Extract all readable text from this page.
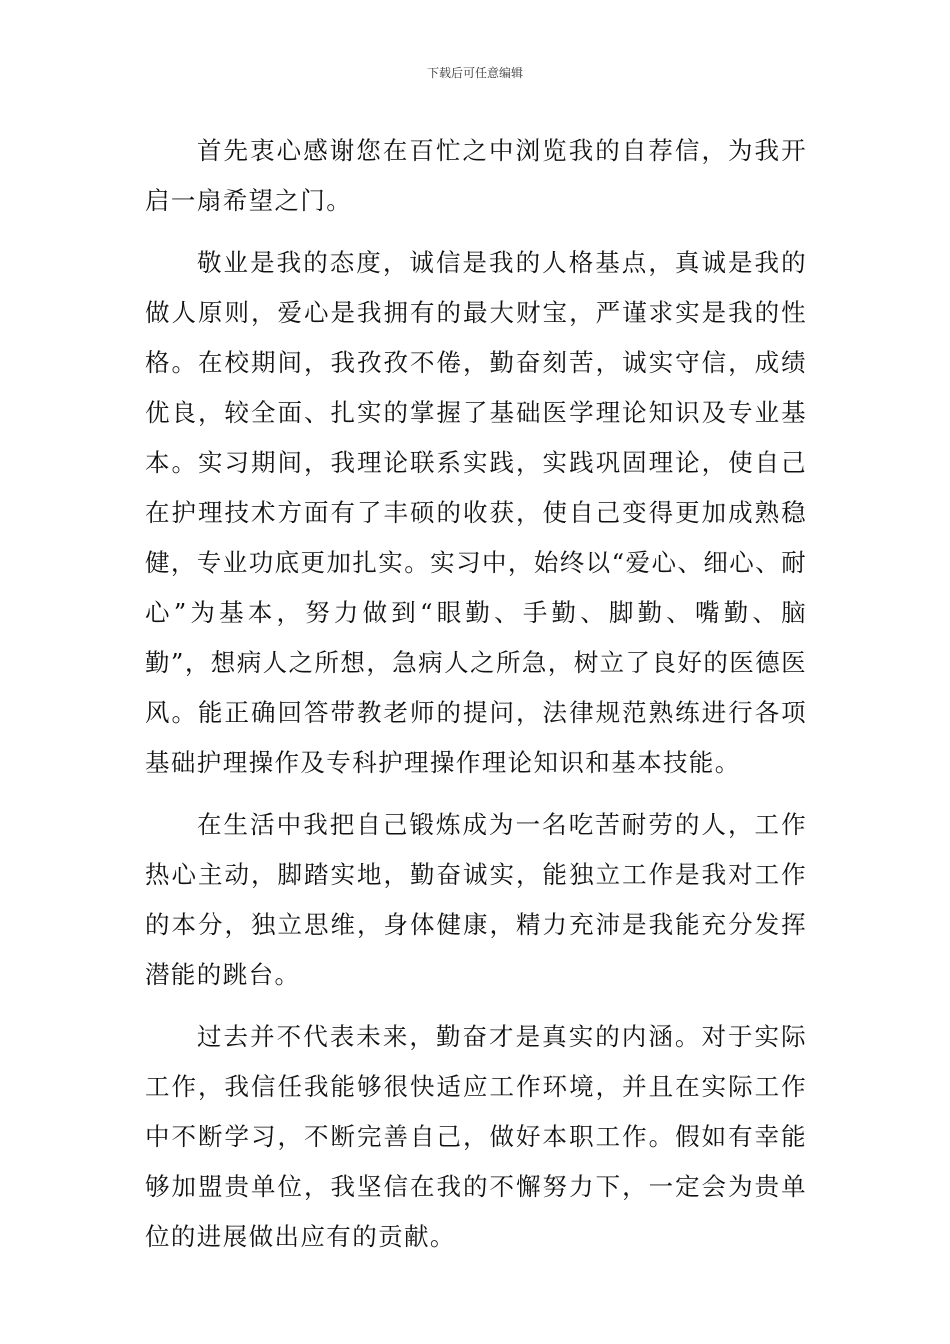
下载后可任意编辑

首先衷心感谢您在百忙之中浏览我的自荐信，为我开启一扇希望之门。

敬业是我的态度，诚信是我的人格基点，真诚是我的做人原则，爱心是我拥有的最大财宝，严谨求实是我的性格。在校期间，我孜孜不倦，勤奋刻苦，诚实守信，成绩优良，较全面、扎实的掌握了基础医学理论知识及专业基本。实习期间，我理论联系实践，实践巩固理论，使自己在护理技术方面有了丰硕的收获，使自己变得更加成熟稳健，专业功底更加扎实。实习中，始终以“爱心、细心、耐心”为基本，努力做到“眼勤、手勤、脚勤、嘴勤、脑勤”，想病人之所想，急病人之所急，树立了良好的医德医风。能正确回答带教老师的提问，法律规范熟练进行各项基础护理操作及专科护理操作理论知识和基本技能。

在生活中我把自己锻炼成为一名吃苦耐劳的人，工作热心主动，脚踏实地，勤奋诚实，能独立工作是我对工作的本分，独立思维，身体健康，精力充沛是我能充分发挥潜能的跳台。

过去并不代表未来，勤奋才是真实的内涵。对于实际工作，我信任我能够很快适应工作环境，并且在实际工作中不断学习，不断完善自己，做好本职工作。假如有幸能够加盟贵单位，我坚信在我的不懈努力下，一定会为贵单位的进展做出应有的贡献。
